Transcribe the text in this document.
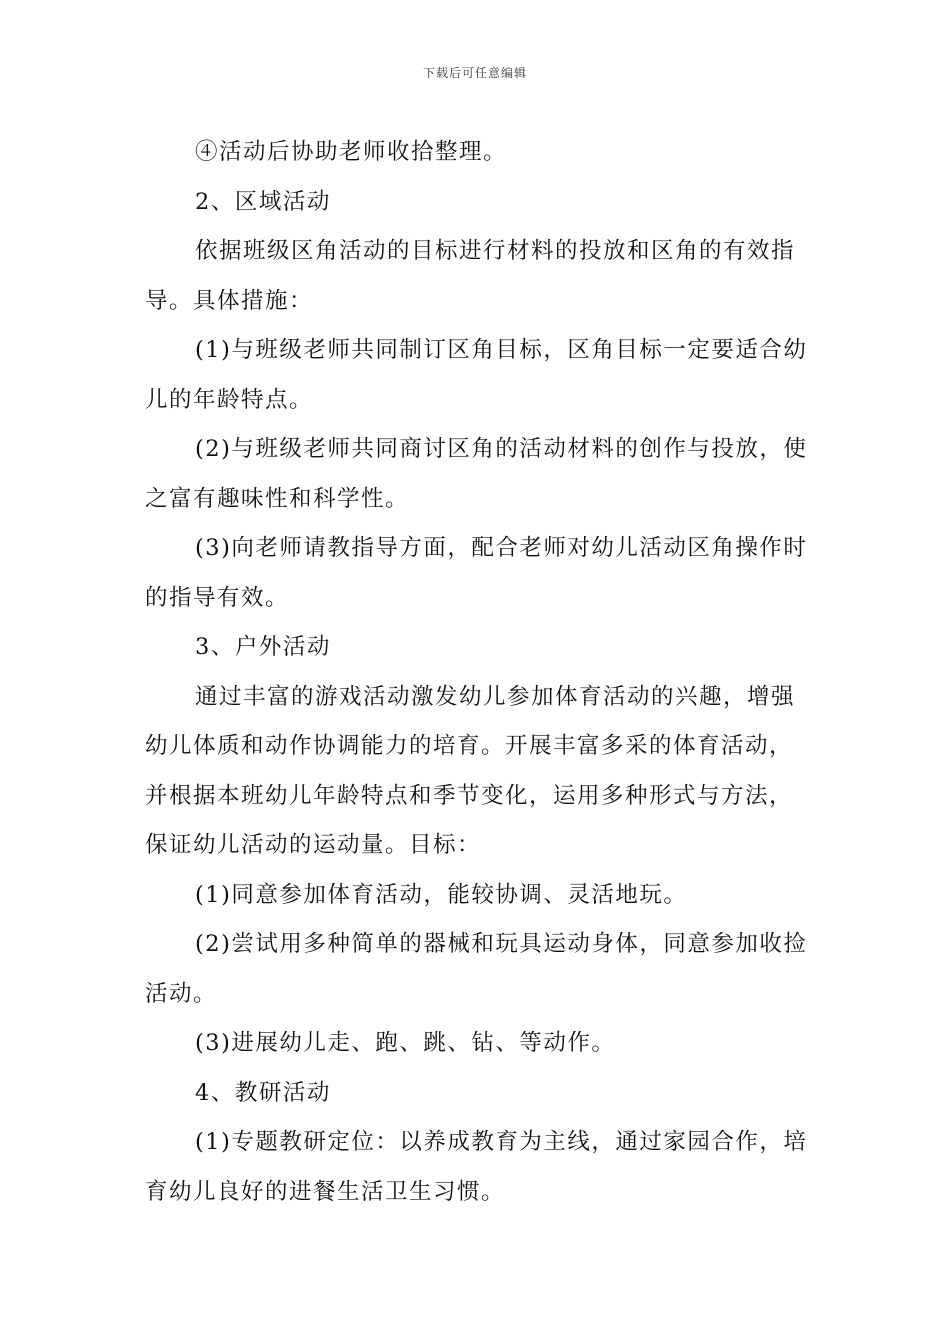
下载后可任意编辑

④活动后协助老师收拾整理。

2、区域活动

依据班级区角活动的目标进行材料的投放和区角的有效指导。具体措施：

(1)与班级老师共同制订区角目标，区角目标一定要适合幼儿的年龄特点。

(2)与班级老师共同商讨区角的活动材料的创作与投放，使之富有趣味性和科学性。

(3)向老师请教指导方面，配合老师对幼儿活动区角操作时的指导有效。

3、户外活动

通过丰富的游戏活动激发幼儿参加体育活动的兴趣，增强幼儿体质和动作协调能力的培育。开展丰富多采的体育活动，并根据本班幼儿年龄特点和季节变化，运用多种形式与方法，保证幼儿活动的运动量。目标：

(1)同意参加体育活动，能较协调、灵活地玩。

(2)尝试用多种简单的器械和玩具运动身体，同意参加收捡活动。

(3)进展幼儿走、跑、跳、钻、等动作。

4、教研活动

(1)专题教研定位：以养成教育为主线，通过家园合作，培育幼儿良好的进餐生活卫生习惯。
